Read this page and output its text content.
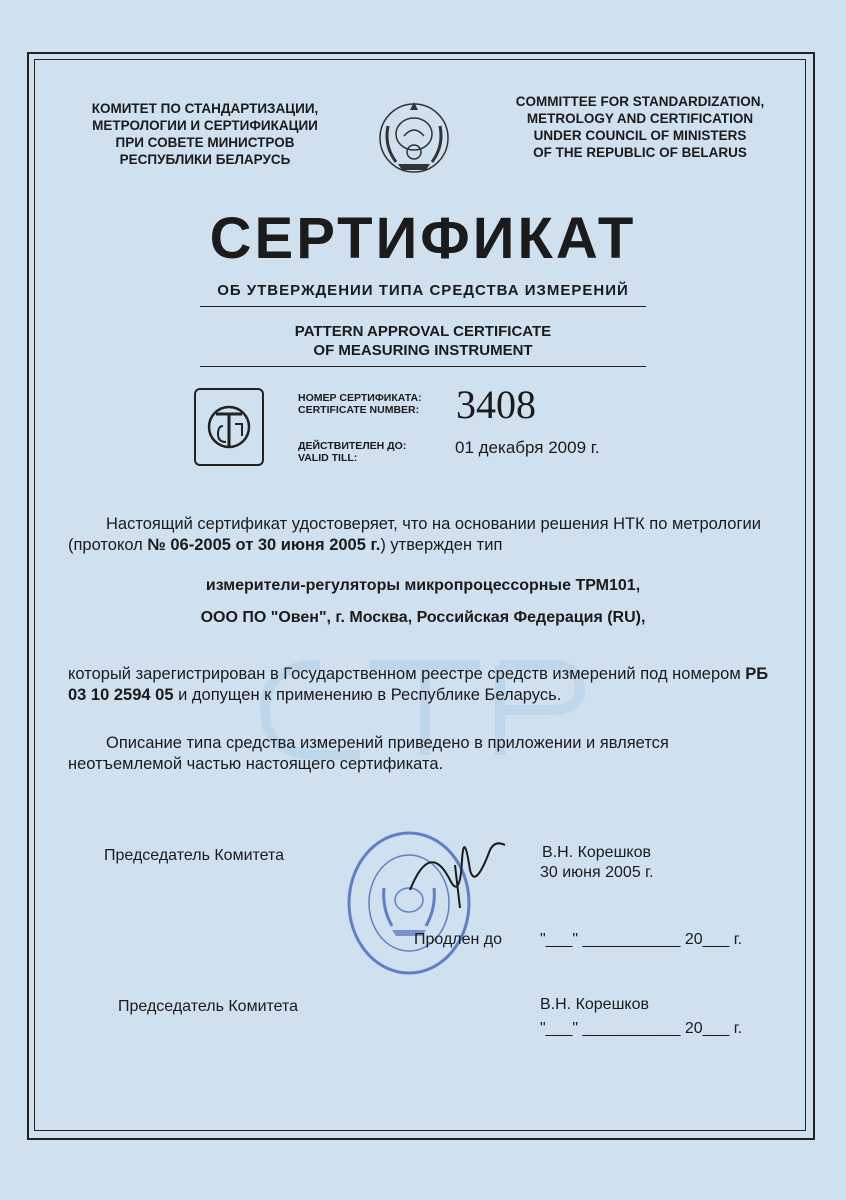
КОМИТЕТ ПО СТАНДАРТИЗАЦИИ,
МЕТРОЛОГИИ И СЕРТИФИКАЦИИ
ПРИ СОВЕТЕ МИНИСТРОВ
РЕСПУБЛИКИ БЕЛАРУСЬ
COMMITTEE FOR STANDARDIZATION,
METROLOGY AND CERTIFICATION
UNDER COUNCIL OF MINISTERS
OF THE REPUBLIC OF BELARUS
СЕРТИФИКАТ
ОБ УТВЕРЖДЕНИИ ТИПА СРЕДСТВА ИЗМЕРЕНИЙ
PATTERN APPROVAL CERTIFICATE
OF MEASURING INSTRUMENT
НОМЕР СЕРТИФИКАТА:
CERTIFICATE NUMBER: 3408
ДЕЙСТВИТЕЛЕН ДО:
VALID TILL:
01 декабря 2009 г.
Настоящий сертификат удостоверяет, что на основании решения НТК по метрологии (протокол № 06-2005 от 30 июня 2005 г.) утвержден тип
измерители-регуляторы микропроцессорные ТРМ101,
ООО ПО "Овен", г. Москва, Российская Федерация (RU),
который зарегистрирован в Государственном реестре средств измерений под номером РБ 03 10 2594 05 и допущен к применению в Республике Беларусь.
Описание типа средства измерений приведено в приложении и является неотъемлемой частью настоящего сертификата.
Председатель Комитета	В.Н. Корешков
30 июня 2005 г.
Продлен до "___" ___________ 20___ г.
Председатель Комитета	В.Н. Корешков
"___" ___________ 20___ г.
